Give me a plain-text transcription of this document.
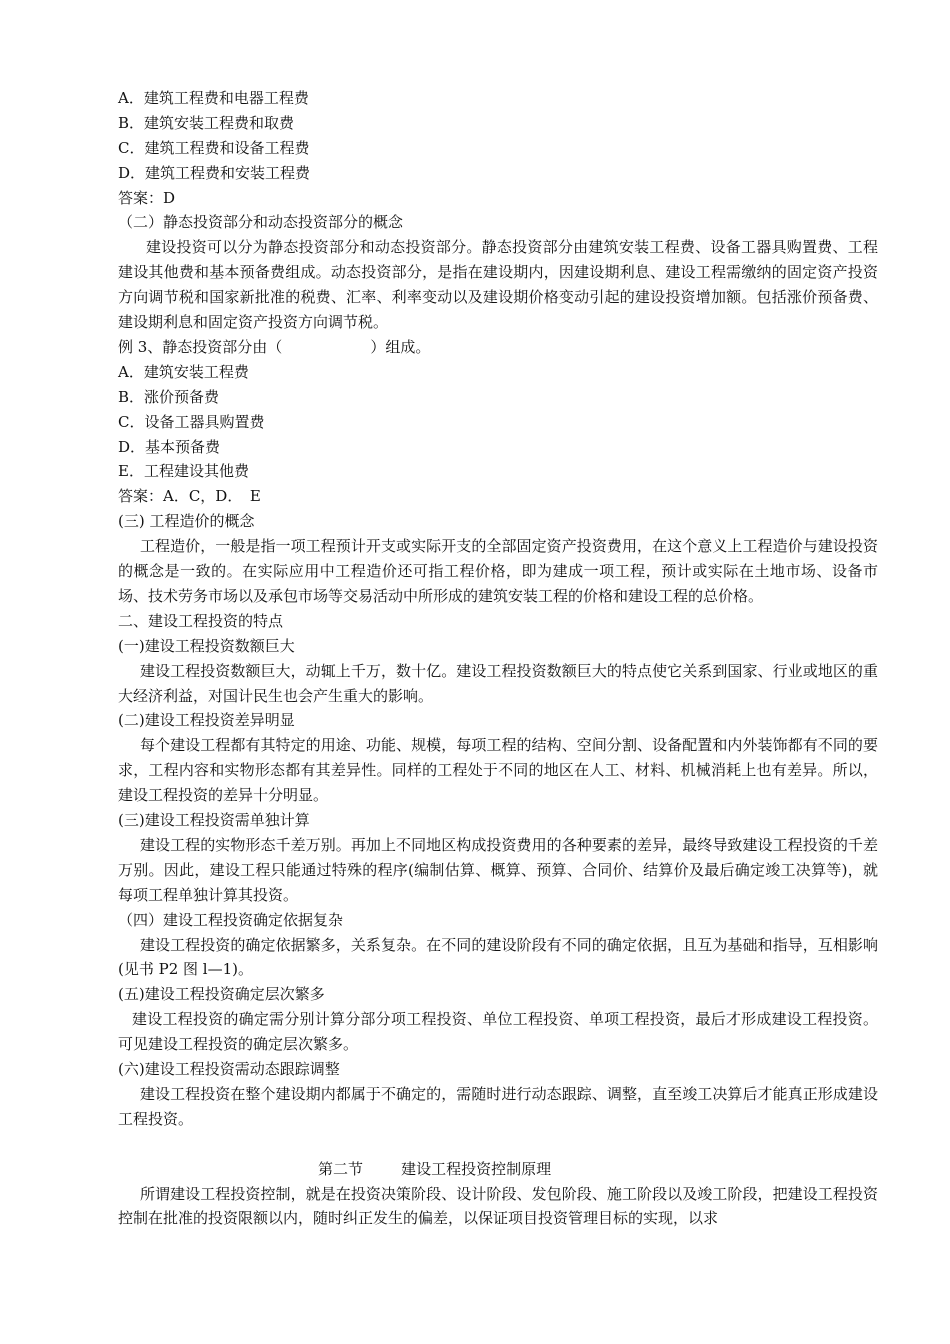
A．建筑工程费和电器工程费
B．建筑安装工程费和取费
C．建筑工程费和设备工程费
D．建筑工程费和安装工程费
答案：D
（二）静态投资部分和动态投资部分的概念
建设投资可以分为静态投资部分和动态投资部分。静态投资部分由建筑安装工程费、设备工器具购置费、工程建设其他费和基本预备费组成。动态投资部分，是指在建设期内，因建设期利息、建设工程需缴纳的固定资产投资方向调节税和国家新批准的税费、汇率、利率变动以及建设期价格变动引起的建设投资增加额。包括涨价预备费、建设期利息和固定资产投资方向调节税。
例 3、静态投资部分由（	）组成。
A．建筑安装工程费
B．涨价预备费
C．设备工器具购置费
D．基本预备费
E．工程建设其他费
答案：A．C，D．　E
(三) 工程造价的概念
工程造价，一般是指一项工程预计开支或实际开支的全部固定资产投资费用，在这个意义上工程造价与建设投资的概念是一致的。在实际应用中工程造价还可指工程价格，即为建成一项工程，预计或实际在土地市场、设备市场、技术劳务市场以及承包市场等交易活动中所形成的建筑安装工程的价格和建设工程的总价格。
二、建设工程投资的特点
(一)建设工程投资数额巨大
建设工程投资数额巨大，动辄上千万，数十亿。建设工程投资数额巨大的特点使它关系到国家、行业或地区的重大经济利益，对国计民生也会产生重大的影响。
(二)建设工程投资差异明显
每个建设工程都有其特定的用途、功能、规模，每项工程的结构、空间分割、设备配置和内外装饰都有不同的要求，工程内容和实物形态都有其差异性。同样的工程处于不同的地区在人工、材料、机械消耗上也有差异。所以，建设工程投资的差异十分明显。
(三)建设工程投资需单独计算
建设工程的实物形态千差万别。再加上不同地区构成投资费用的各种要素的差异，最终导致建设工程投资的千差万别。因此，建设工程只能通过特殊的程序(编制估算、概算、预算、合同价、结算价及最后确定竣工决算等)，就每项工程单独计算其投资。
（四）建设工程投资确定依据复杂
建设工程投资的确定依据繁多，关系复杂。在不同的建设阶段有不同的确定依据，且互为基础和指导，互相影响(见书 P2 图 l—1)。
(五)建设工程投资确定层次繁多
建设工程投资的确定需分别计算分部分项工程投资、单位工程投资、单项工程投资，最后才形成建设工程投资。可见建设工程投资的确定层次繁多。
(六)建设工程投资需动态跟踪调整
建设工程投资在整个建设期内都属于不确定的，需随时进行动态跟踪、调整，直至竣工决算后才能真正形成建设工程投资。
第二节	建设工程投资控制原理
所谓建设工程投资控制，就是在投资决策阶段、设计阶段、发包阶段、施工阶段以及竣工阶段，把建设工程投资控制在批准的投资限额以内，随时纠正发生的偏差，以保证项目投资管理目标的实现，以求
